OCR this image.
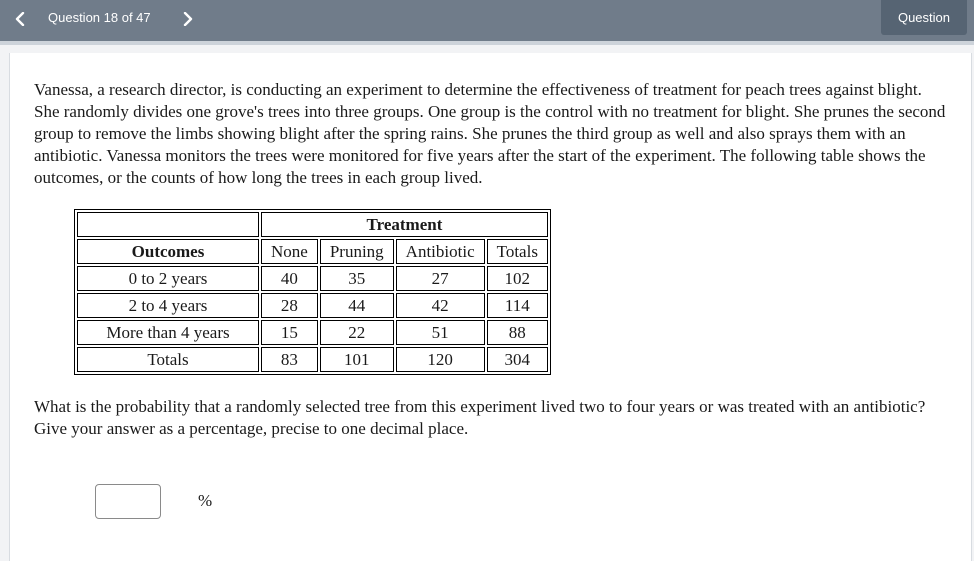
Question 18 of 47	Question

Vanessa, a research director, is conducting an experiment to determine the effectiveness of treatment for peach trees against blight. She randomly divides one grove's trees into three groups. One group is the control with no treatment for blight. She prunes the second group to remove the limbs showing blight after the spring rains. She prunes the third group as well and also sprays them with an antibiotic. Vanessa monitors the trees were monitored for five years after the start of the experiment. The following table shows the outcomes, or the counts of how long the trees in each group lived.

	Treatment			
Outcomes	None	Pruning	Antibiotic	Totals
0 to 2 years	40	35	27	102
2 to 4 years	28	44	42	114
More than 4 years	15	22	51	88
Totals	83	101	120	304

What is the probability that a randomly selected tree from this experiment lived two to four years or was treated with an antibiotic? Give your answer as a percentage, precise to one decimal place.

%
